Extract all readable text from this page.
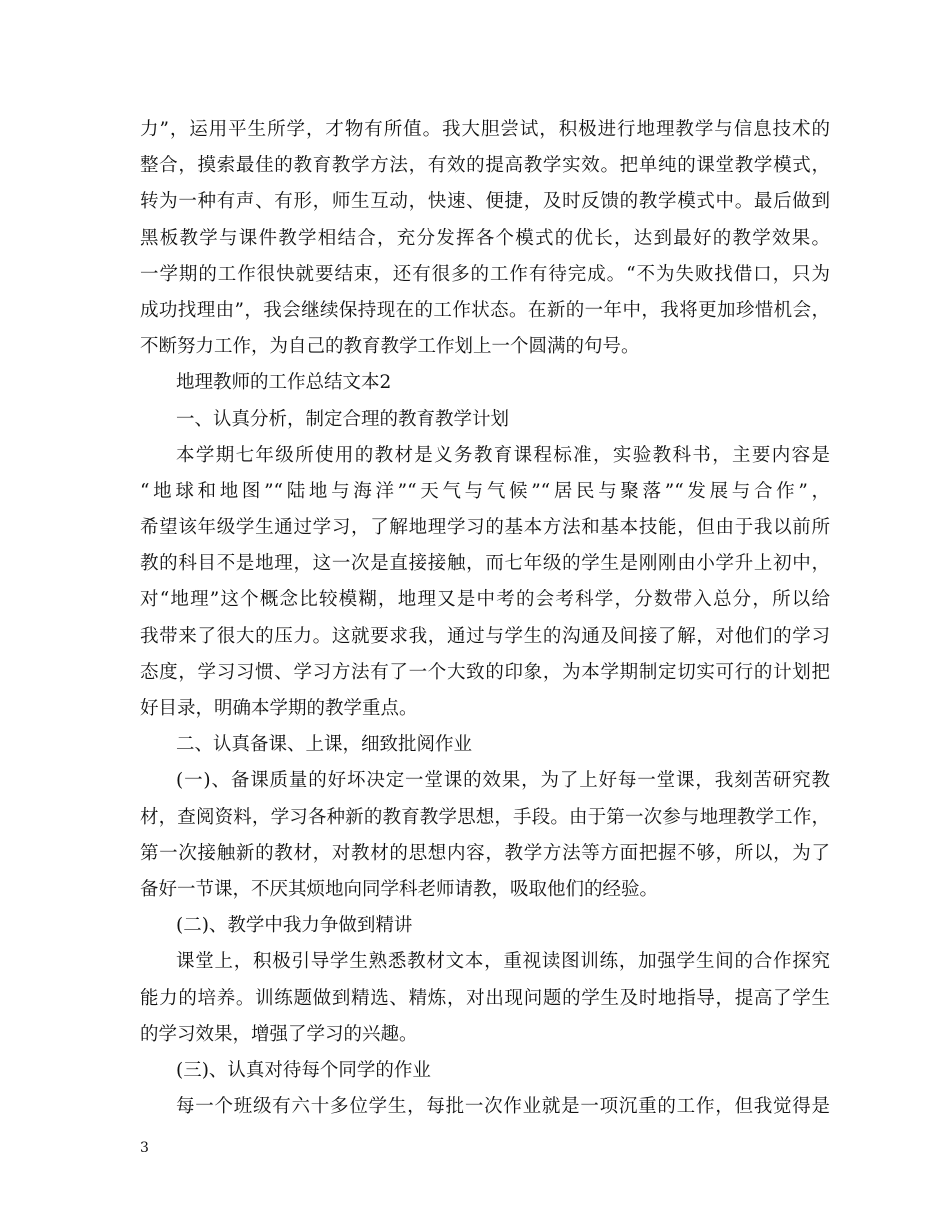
力”，运用平生所学，才物有所值。我大胆尝试，积极进行地理教学与信息技术的
整合，摸索最佳的教育教学方法，有效的提高教学实效。把单纯的课堂教学模式，
转为一种有声、有形，师生互动，快速、便捷，及时反馈的教学模式中。最后做到
黑板教学与课件教学相结合，充分发挥各个模式的优长，达到最好的教学效果。
一学期的工作很快就要结束，还有很多的工作有待完成。“不为失败找借口，只为
成功找理由”，我会继续保持现在的工作状态。在新的一年中，我将更加珍惜机会，
不断努力工作，为自己的教育教学工作划上一个圆满的句号。
地理教师的工作总结文本2
一、认真分析，制定合理的教育教学计划
本学期七年级所使用的教材是义务教育课程标准，实验教科书，主要内容是
“地球和地图”“陆地与海洋”“天气与气候”“居民与聚落”“发展与合作”，
希望该年级学生通过学习，了解地理学习的基本方法和基本技能，但由于我以前所
教的科目不是地理，这一次是直接接触，而七年级的学生是刚刚由小学升上初中，
对“地理”这个概念比较模糊，地理又是中考的会考科学，分数带入总分，所以给
我带来了很大的压力。这就要求我，通过与学生的沟通及间接了解，对他们的学习
态度，学习习惯、学习方法有了一个大致的印象，为本学期制定切实可行的计划把
好目录，明确本学期的教学重点。
二、认真备课、上课，细致批阅作业
(一)、备课质量的好坏决定一堂课的效果，为了上好每一堂课，我刻苦研究教
材，查阅资料，学习各种新的教育教学思想，手段。由于第一次参与地理教学工作，
第一次接触新的教材，对教材的思想内容，教学方法等方面把握不够，所以，为了
备好一节课，不厌其烦地向同学科老师请教，吸取他们的经验。
(二)、教学中我力争做到精讲
课堂上，积极引导学生熟悉教材文本，重视读图训练，加强学生间的合作探究
能力的培养。训练题做到精选、精炼，对出现问题的学生及时地指导，提高了学生
的学习效果，增强了学习的兴趣。
(三)、认真对待每个同学的作业
每一个班级有六十多位学生，每批一次作业就是一项沉重的工作，但我觉得是
3
